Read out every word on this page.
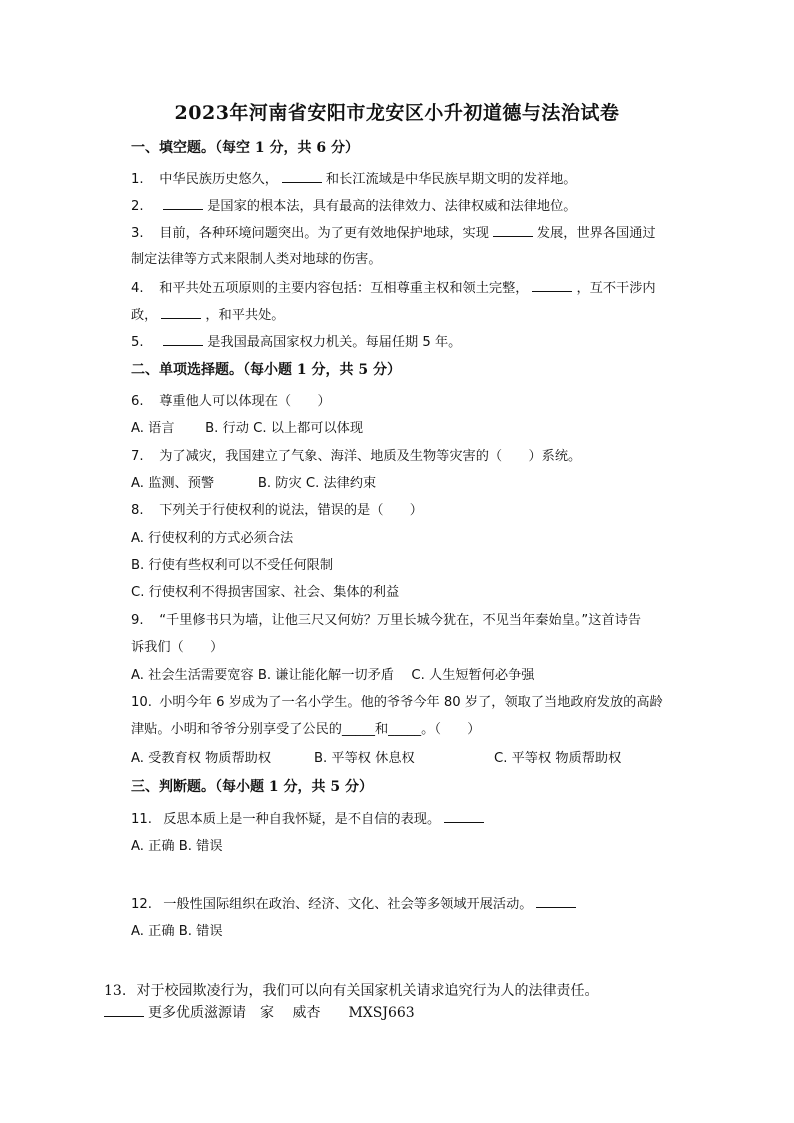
2023年河南省安阳市龙安区小升初道德与法治试卷
一、填空题。（每空 1 分，共 6 分）
1. 中华民族历史悠久，	和长江流域是中华民族早期文明的发祥地。
2.	是国家的根本法，具有最高的法律效力、法律权威和法律地位。
3. 目前，各种环境问题突出。为了更有效地保护地球，实现	发展，世界各国通过
制定法律等方式来限制人类对地球的伤害。
4. 和平共处五项原则的主要内容包括：互相尊重主权和领土完整，	，互不干涉内
政，	，和平共处。
5.	是我国最高国家权力机关。每届任期 5 年。
二、单项选择题。（每小题 1 分，共 5 分）
6. 尊重他人可以体现在（　　）
A. 语言　　 B. 行动 C. 以上都可以体现
7. 为了减灾，我国建立了气象、海洋、地质及生物等灾害的（　　）系统。
A. 监测、预警　　　 B. 防灾 C. 法律约束
8. 下列关于行使权利的说法，错误的是（　　）
A. 行使权利的方式必须合法
B. 行使有些权利可以不受任何限制
C. 行使权利不得损害国家、社会、集体的利益
9. “千里修书只为墙，让他三尺又何妨？万里长城今犹在，不见当年秦始皇。”这首诗告
诉我们（　　）
A. 社会生活需要宽容 B. 谦让能化解一切矛盾　 C. 人生短暂何必争强
10. 小明今年 6 岁成为了一名小学生。他的爷爷今年 80 岁了，领取了当地政府发放的高龄
津贴。小明和爷爷分别享受了公民的_____和_____。（　　）
A. 受教育权 物质帮助权	B. 平等权 休息权	C. 平等权 物质帮助权
三、判断题。（每小题 1 分，共 5 分）
11. 反思本质上是一种自我怀疑，是不自信的表现。
A. 正确 B. 错误
12. 一般性国际组织在政治、经济、文化、社会等多领域开展活动。
A. 正确 B. 错误
13. 对于校园欺凌行为，我们可以向有关国家机关请求追究行为人的法律责任。
更多优质滋源请　家　 威杏　　MXSJ663
